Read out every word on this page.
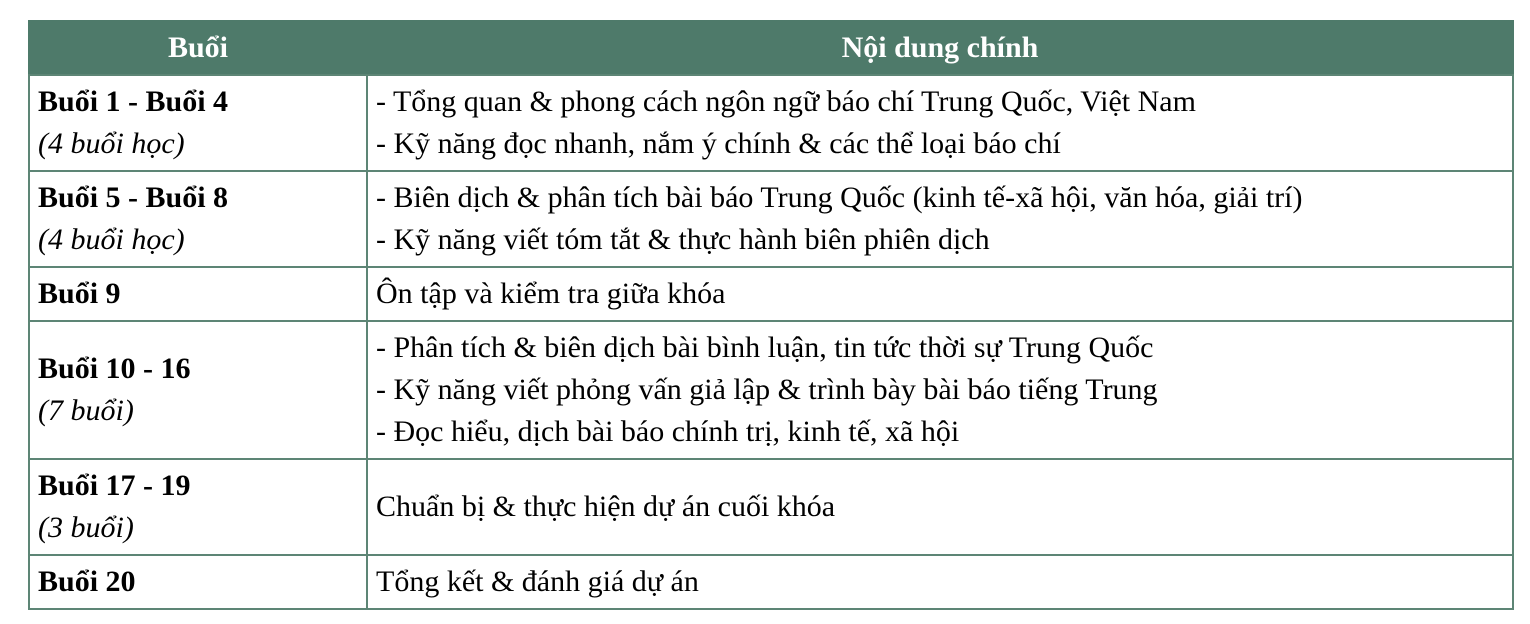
Buổi	Nội dung chính

Buổi 1 - Buổi 4
(4 buổi học)	- Tổng quan & phong cách ngôn ngữ báo chí Trung Quốc, Việt Nam
- Kỹ năng đọc nhanh, nắm ý chính & các thể loại báo chí

Buổi 5 - Buổi 8
(4 buổi học)	- Biên dịch & phân tích bài báo Trung Quốc (kinh tế-xã hội, văn hóa, giải trí)
- Kỹ năng viết tóm tắt & thực hành biên phiên dịch

Buổi 9	Ôn tập và kiểm tra giữa khóa

Buổi 10 - 16
(7 buổi)	- Phân tích & biên dịch bài bình luận, tin tức thời sự Trung Quốc
- Kỹ năng viết phỏng vấn giả lập & trình bày bài báo tiếng Trung
- Đọc hiểu, dịch bài báo chính trị, kinh tế, xã hội

Buổi 17 - 19
(3 buổi)	Chuẩn bị & thực hiện dự án cuối khóa

Buổi 20	Tổng kết & đánh giá dự án
